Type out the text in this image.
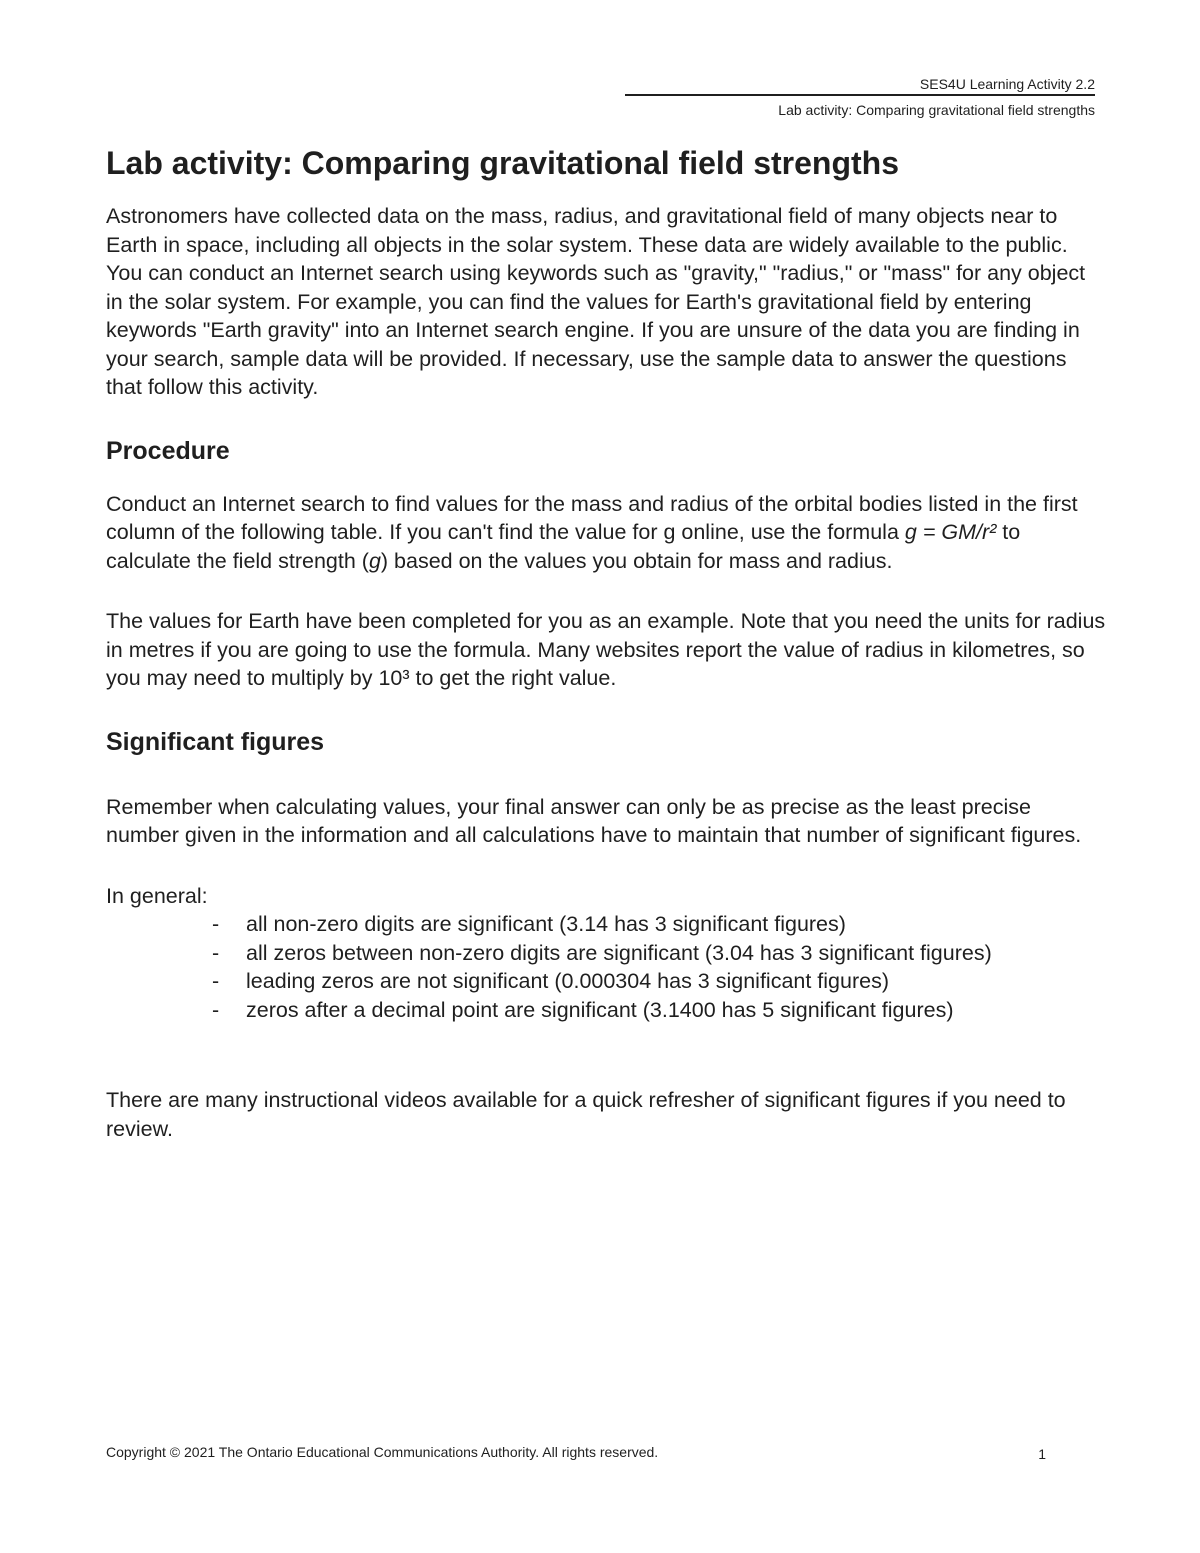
SES4U Learning Activity 2.2
Lab activity: Comparing gravitational field strengths
Lab activity: Comparing gravitational field strengths

Astronomers have collected data on the mass, radius, and gravitational field of many objects near to Earth in space, including all objects in the solar system. These data are widely available to the public. You can conduct an Internet search using keywords such as "gravity," "radius," or "mass" for any object in the solar system. For example, you can find the values for Earth's gravitational field by entering keywords "Earth gravity" into an Internet search engine. If you are unsure of the data you are finding in your search, sample data will be provided. If necessary, use the sample data to answer the questions that follow this activity.

Procedure

Conduct an Internet search to find values for the mass and radius of the orbital bodies listed in the first column of the following table. If you can't find the value for g online, use the formula g = GM/r² to calculate the field strength (g) based on the values you obtain for mass and radius.

The values for Earth have been completed for you as an example. Note that you need the units for radius in metres if you are going to use the formula. Many websites report the value of radius in kilometres, so you may need to multiply by 10³ to get the right value.

Significant figures

Remember when calculating values, your final answer can only be as precise as the least precise number given in the information and all calculations have to maintain that number of significant figures.

In general:

- all non-zero digits are significant (3.14 has 3 significant figures)
- all zeros between non-zero digits are significant (3.04 has 3 significant figures)
- leading zeros are not significant (0.000304 has 3 significant figures)
- zeros after a decimal point are significant (3.1400 has 5 significant figures)

There are many instructional videos available for a quick refresher of significant figures if you need to review.

Copyright © 2021 The Ontario Educational Communications Authority. All rights reserved.	1
